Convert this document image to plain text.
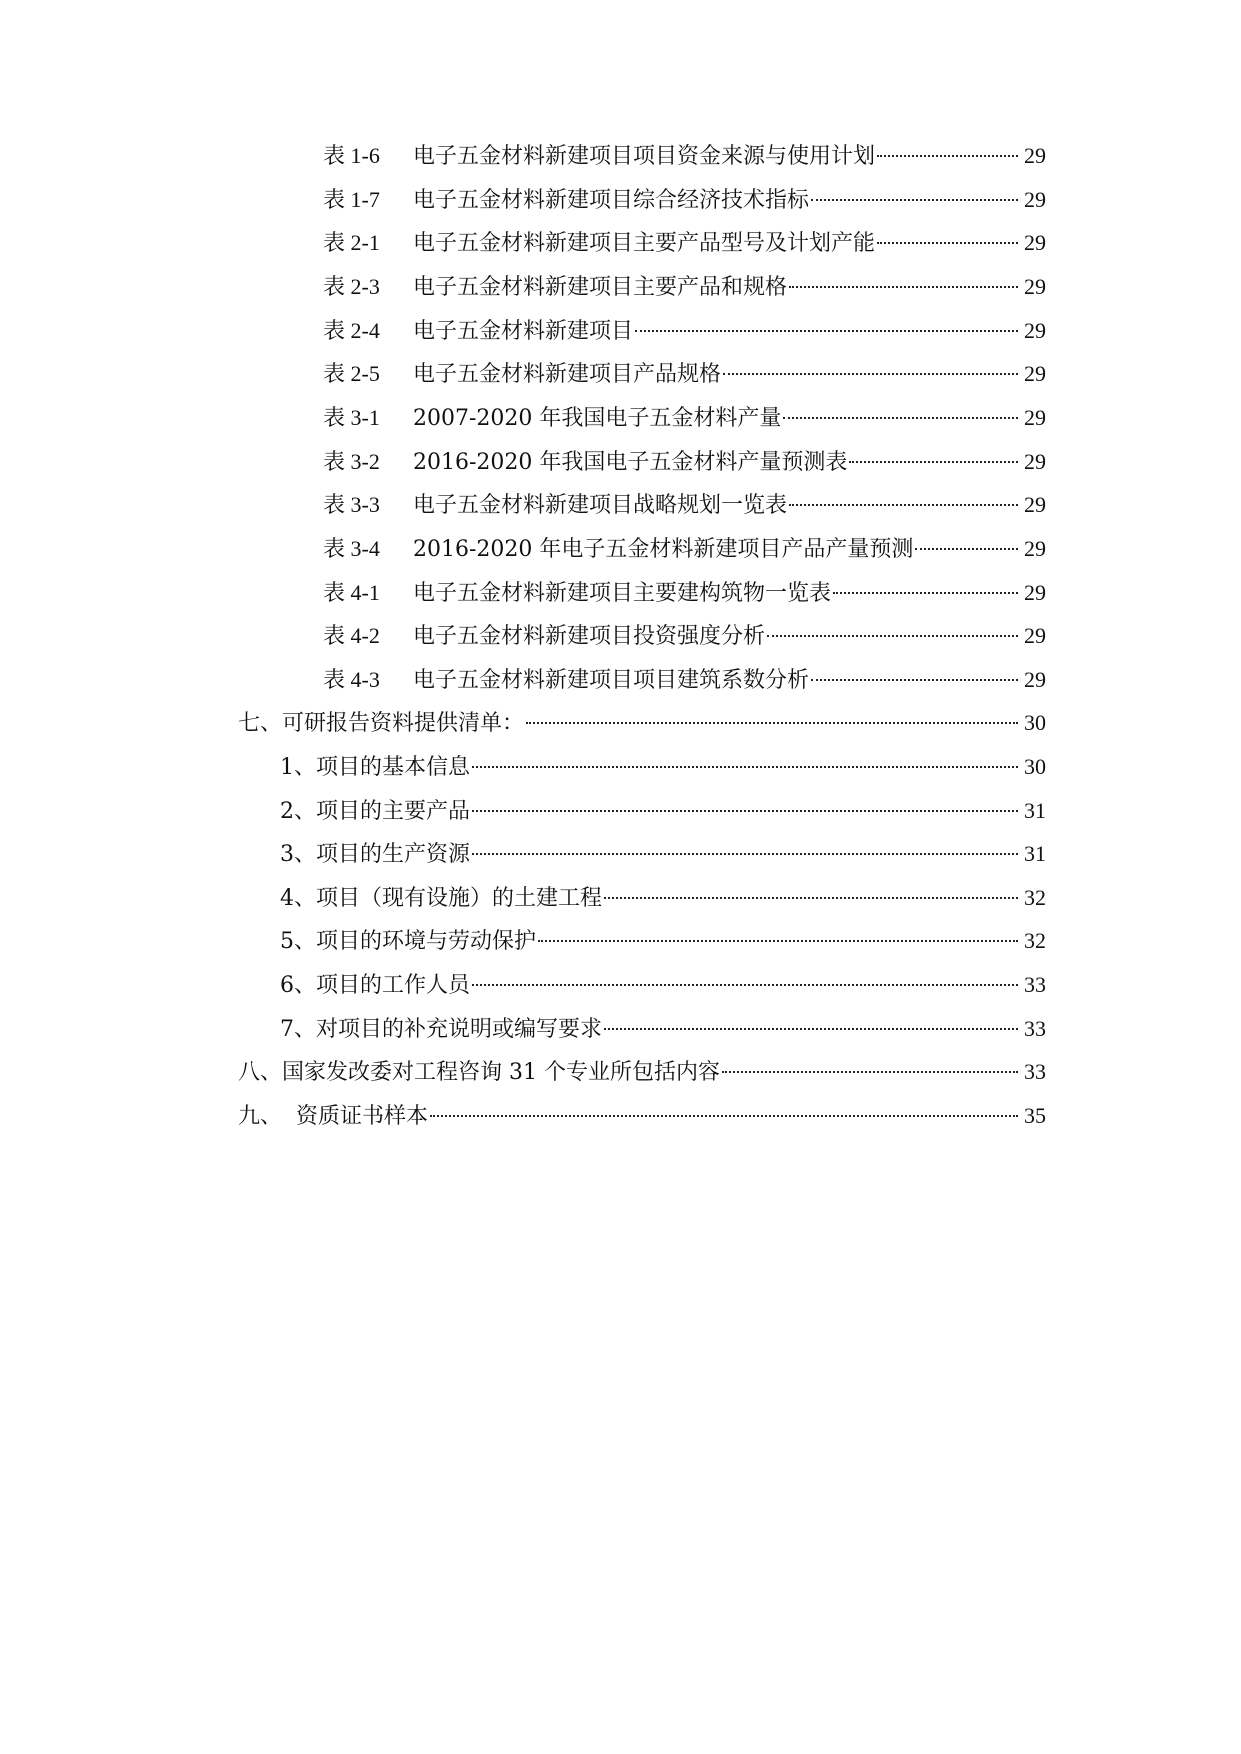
表 1-6 电子五金材料新建项目项目资金来源与使用计划	29
表 1-7 电子五金材料新建项目综合经济技术指标	29
表 2-1 电子五金材料新建项目主要产品型号及计划产能	29
表 2-3 电子五金材料新建项目主要产品和规格	29
表 2-4 电子五金材料新建项目	29
表 2-5 电子五金材料新建项目产品规格	29
表 3-1 2007-2020 年我国电子五金材料产量	29
表 3-2 2016-2020 年我国电子五金材料产量预测表	29
表 3-3 电子五金材料新建项目战略规划一览表	29
表 3-4 2016-2020 年电子五金材料新建项目产品产量预测	29
表 4-1 电子五金材料新建项目主要建构筑物一览表	29
表 4-2 电子五金材料新建项目投资强度分析	29
表 4-3 电子五金材料新建项目项目建筑系数分析	29
七、可研报告资料提供清单：	30
1、项目的基本信息	30
2、项目的主要产品	31
3、项目的生产资源	31
4、项目（现有设施）的土建工程	32
5、项目的环境与劳动保护	32
6、项目的工作人员	33
7、对项目的补充说明或编写要求	33
八、国家发改委对工程咨询 31 个专业所包括内容	33
九、  资质证书样本	35
